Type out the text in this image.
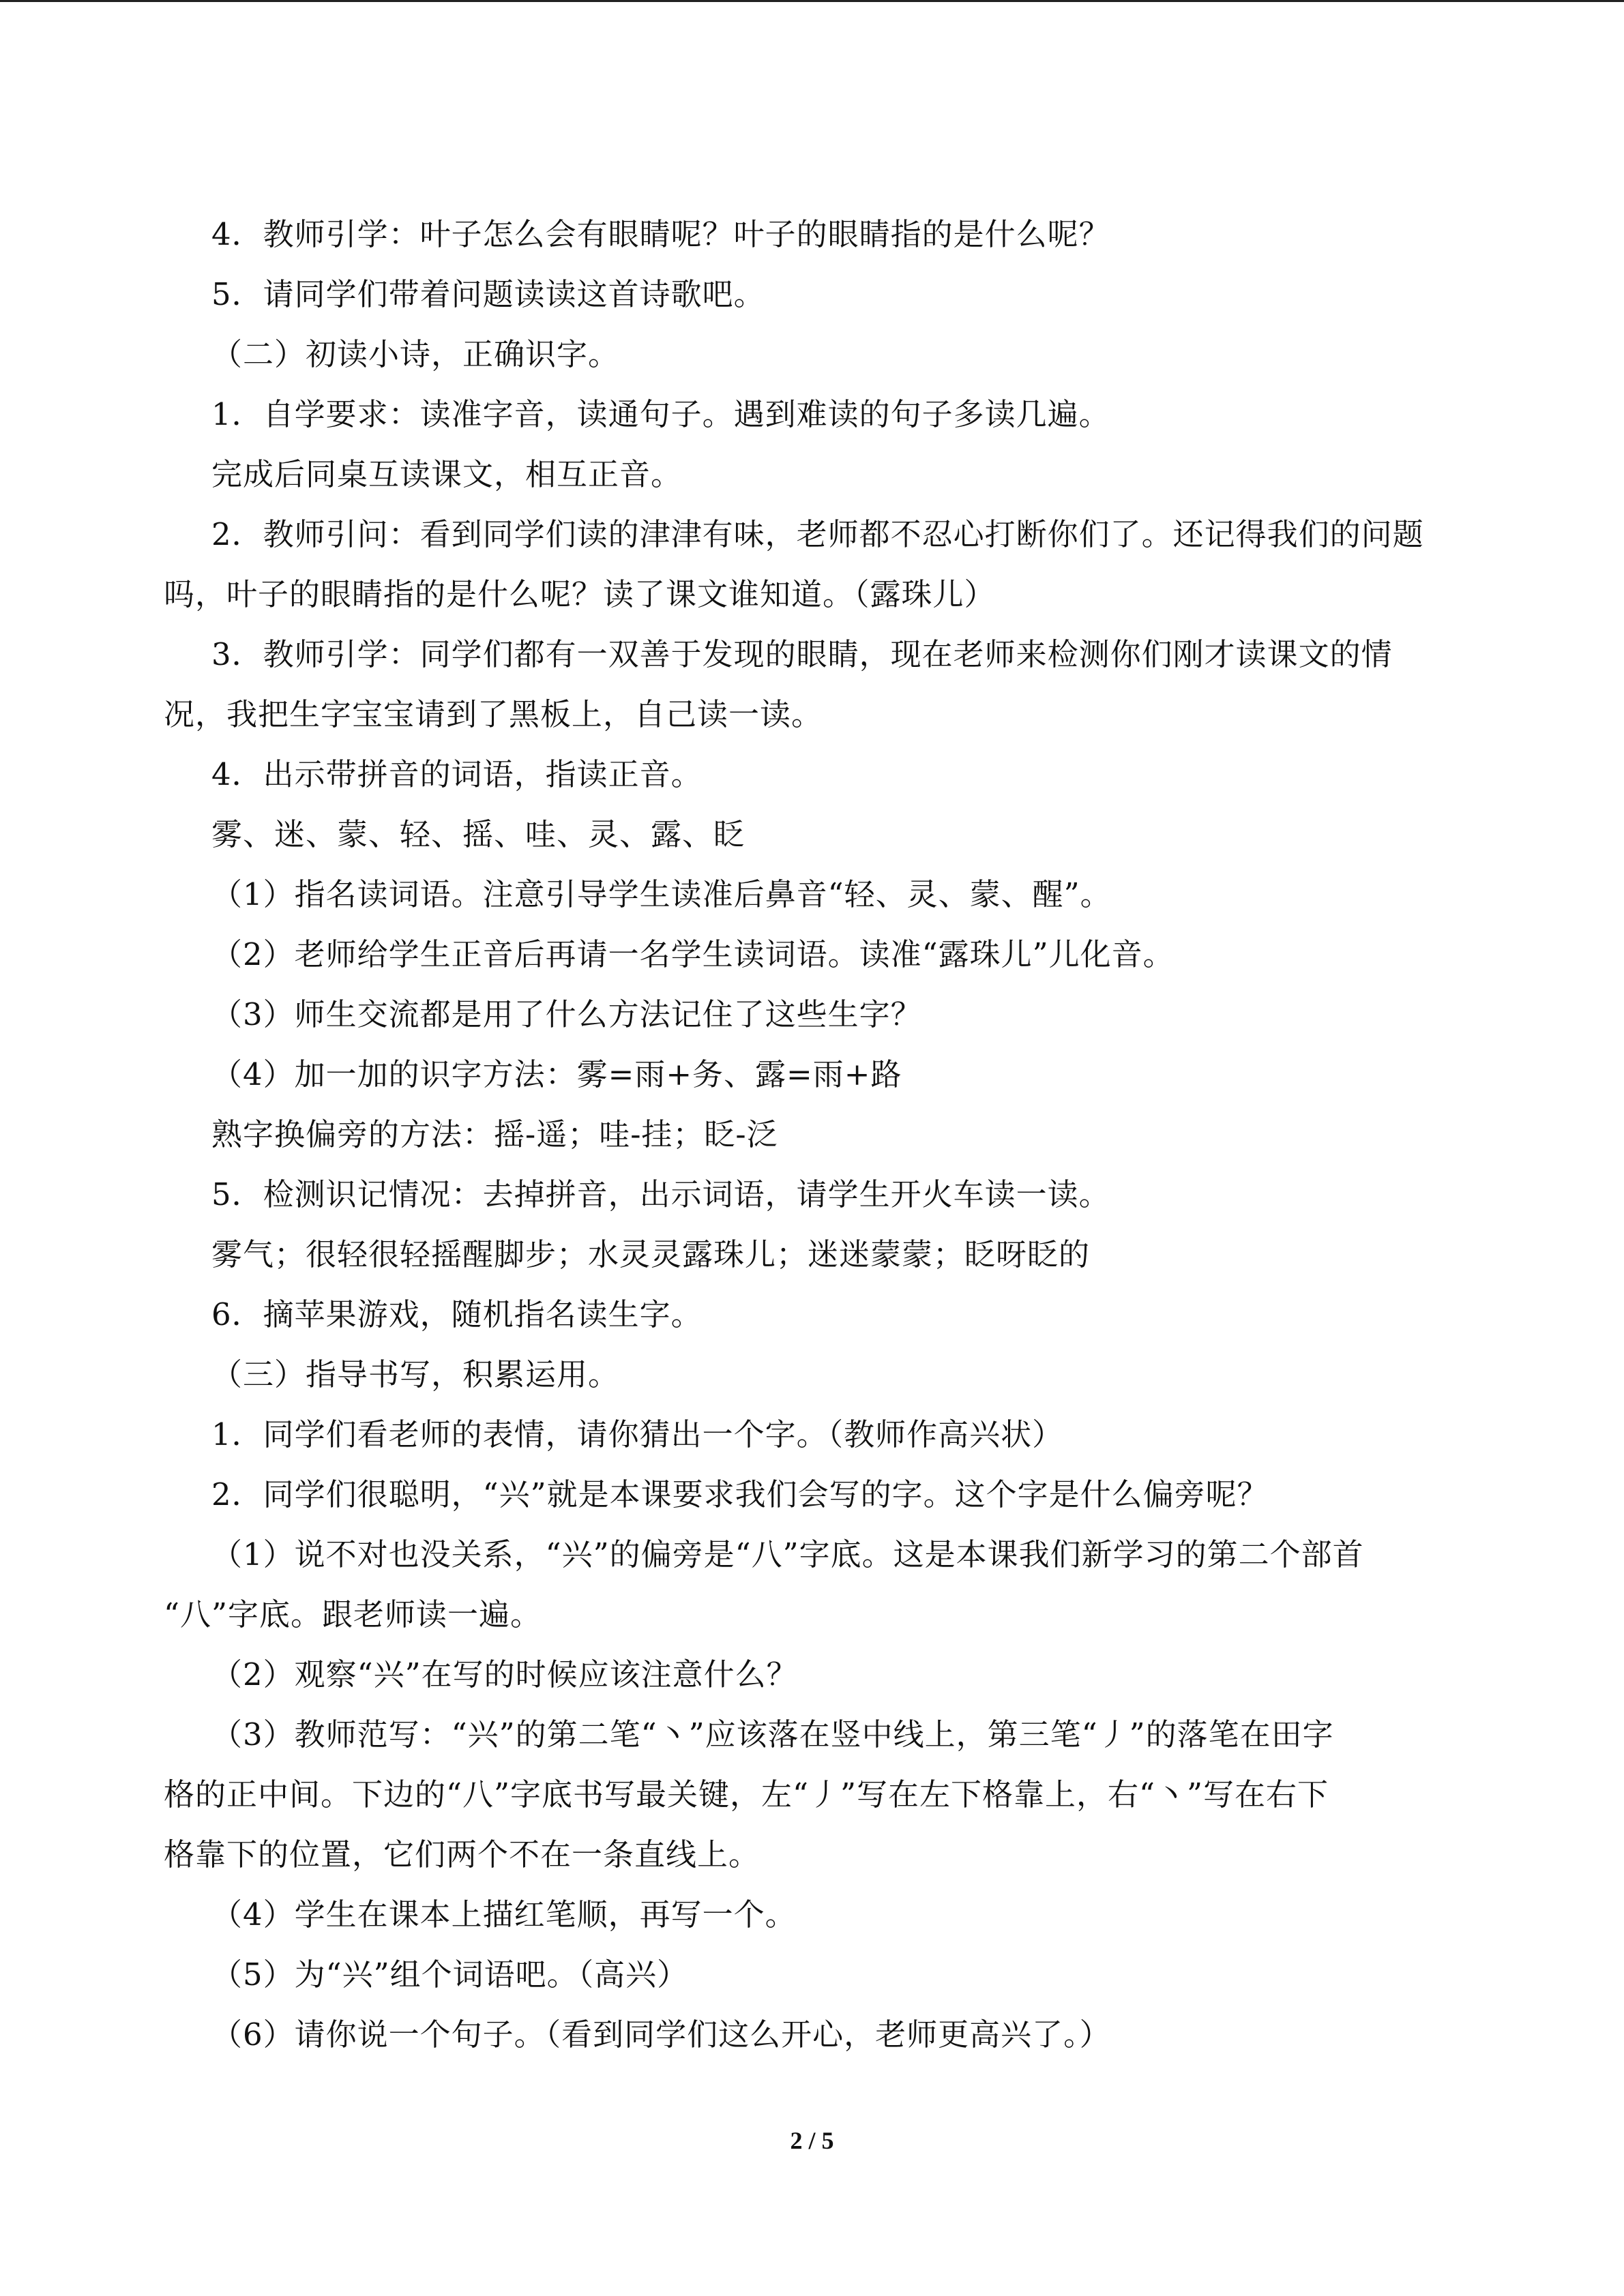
4．教师引学：叶子怎么会有眼睛呢？叶子的眼睛指的是什么呢？
5．请同学们带着问题读读这首诗歌吧。
（二）初读小诗，正确识字。
1．自学要求：读准字音，读通句子。遇到难读的句子多读几遍。
完成后同桌互读课文，相互正音。
2．教师引问：看到同学们读的津津有味，老师都不忍心打断你们了。还记得我们的问题
吗，叶子的眼睛指的是什么呢？读了课文谁知道。（露珠儿）
3．教师引学：同学们都有一双善于发现的眼睛，现在老师来检测你们刚才读课文的情
况，我把生字宝宝请到了黑板上，自己读一读。
4．出示带拼音的词语，指读正音。
雾、迷、蒙、轻、摇、哇、灵、露、眨
（1）指名读词语。注意引导学生读准后鼻音“轻、灵、蒙、醒”。
（2）老师给学生正音后再请一名学生读词语。读准“露珠儿”儿化音。
（3）师生交流都是用了什么方法记住了这些生字？
（4）加一加的识字方法：雾=雨+务、露=雨+路
熟字换偏旁的方法：摇-遥；哇-挂；眨-泛
5．检测识记情况：去掉拼音，出示词语，请学生开火车读一读。
雾气；很轻很轻摇醒脚步；水灵灵露珠儿；迷迷蒙蒙；眨呀眨的
6．摘苹果游戏，随机指名读生字。
（三）指导书写，积累运用。
1．同学们看老师的表情，请你猜出一个字。（教师作高兴状）
2．同学们很聪明，“兴”就是本课要求我们会写的字。这个字是什么偏旁呢？
（1）说不对也没关系，“兴”的偏旁是“八”字底。这是本课我们新学习的第二个部首
“八”字底。跟老师读一遍。
（2）观察“兴”在写的时候应该注意什么？
（3）教师范写：“兴”的第二笔“丶”应该落在竖中线上，第三笔“丿”的落笔在田字
格的正中间。下边的“八”字底书写最关键，左“丿”写在左下格靠上，右“丶”写在右下
格靠下的位置，它们两个不在一条直线上。
（4）学生在课本上描红笔顺，再写一个。
（5）为“兴”组个词语吧。（高兴）
（6）请你说一个句子。（看到同学们这么开心，老师更高兴了。）
2 / 5
